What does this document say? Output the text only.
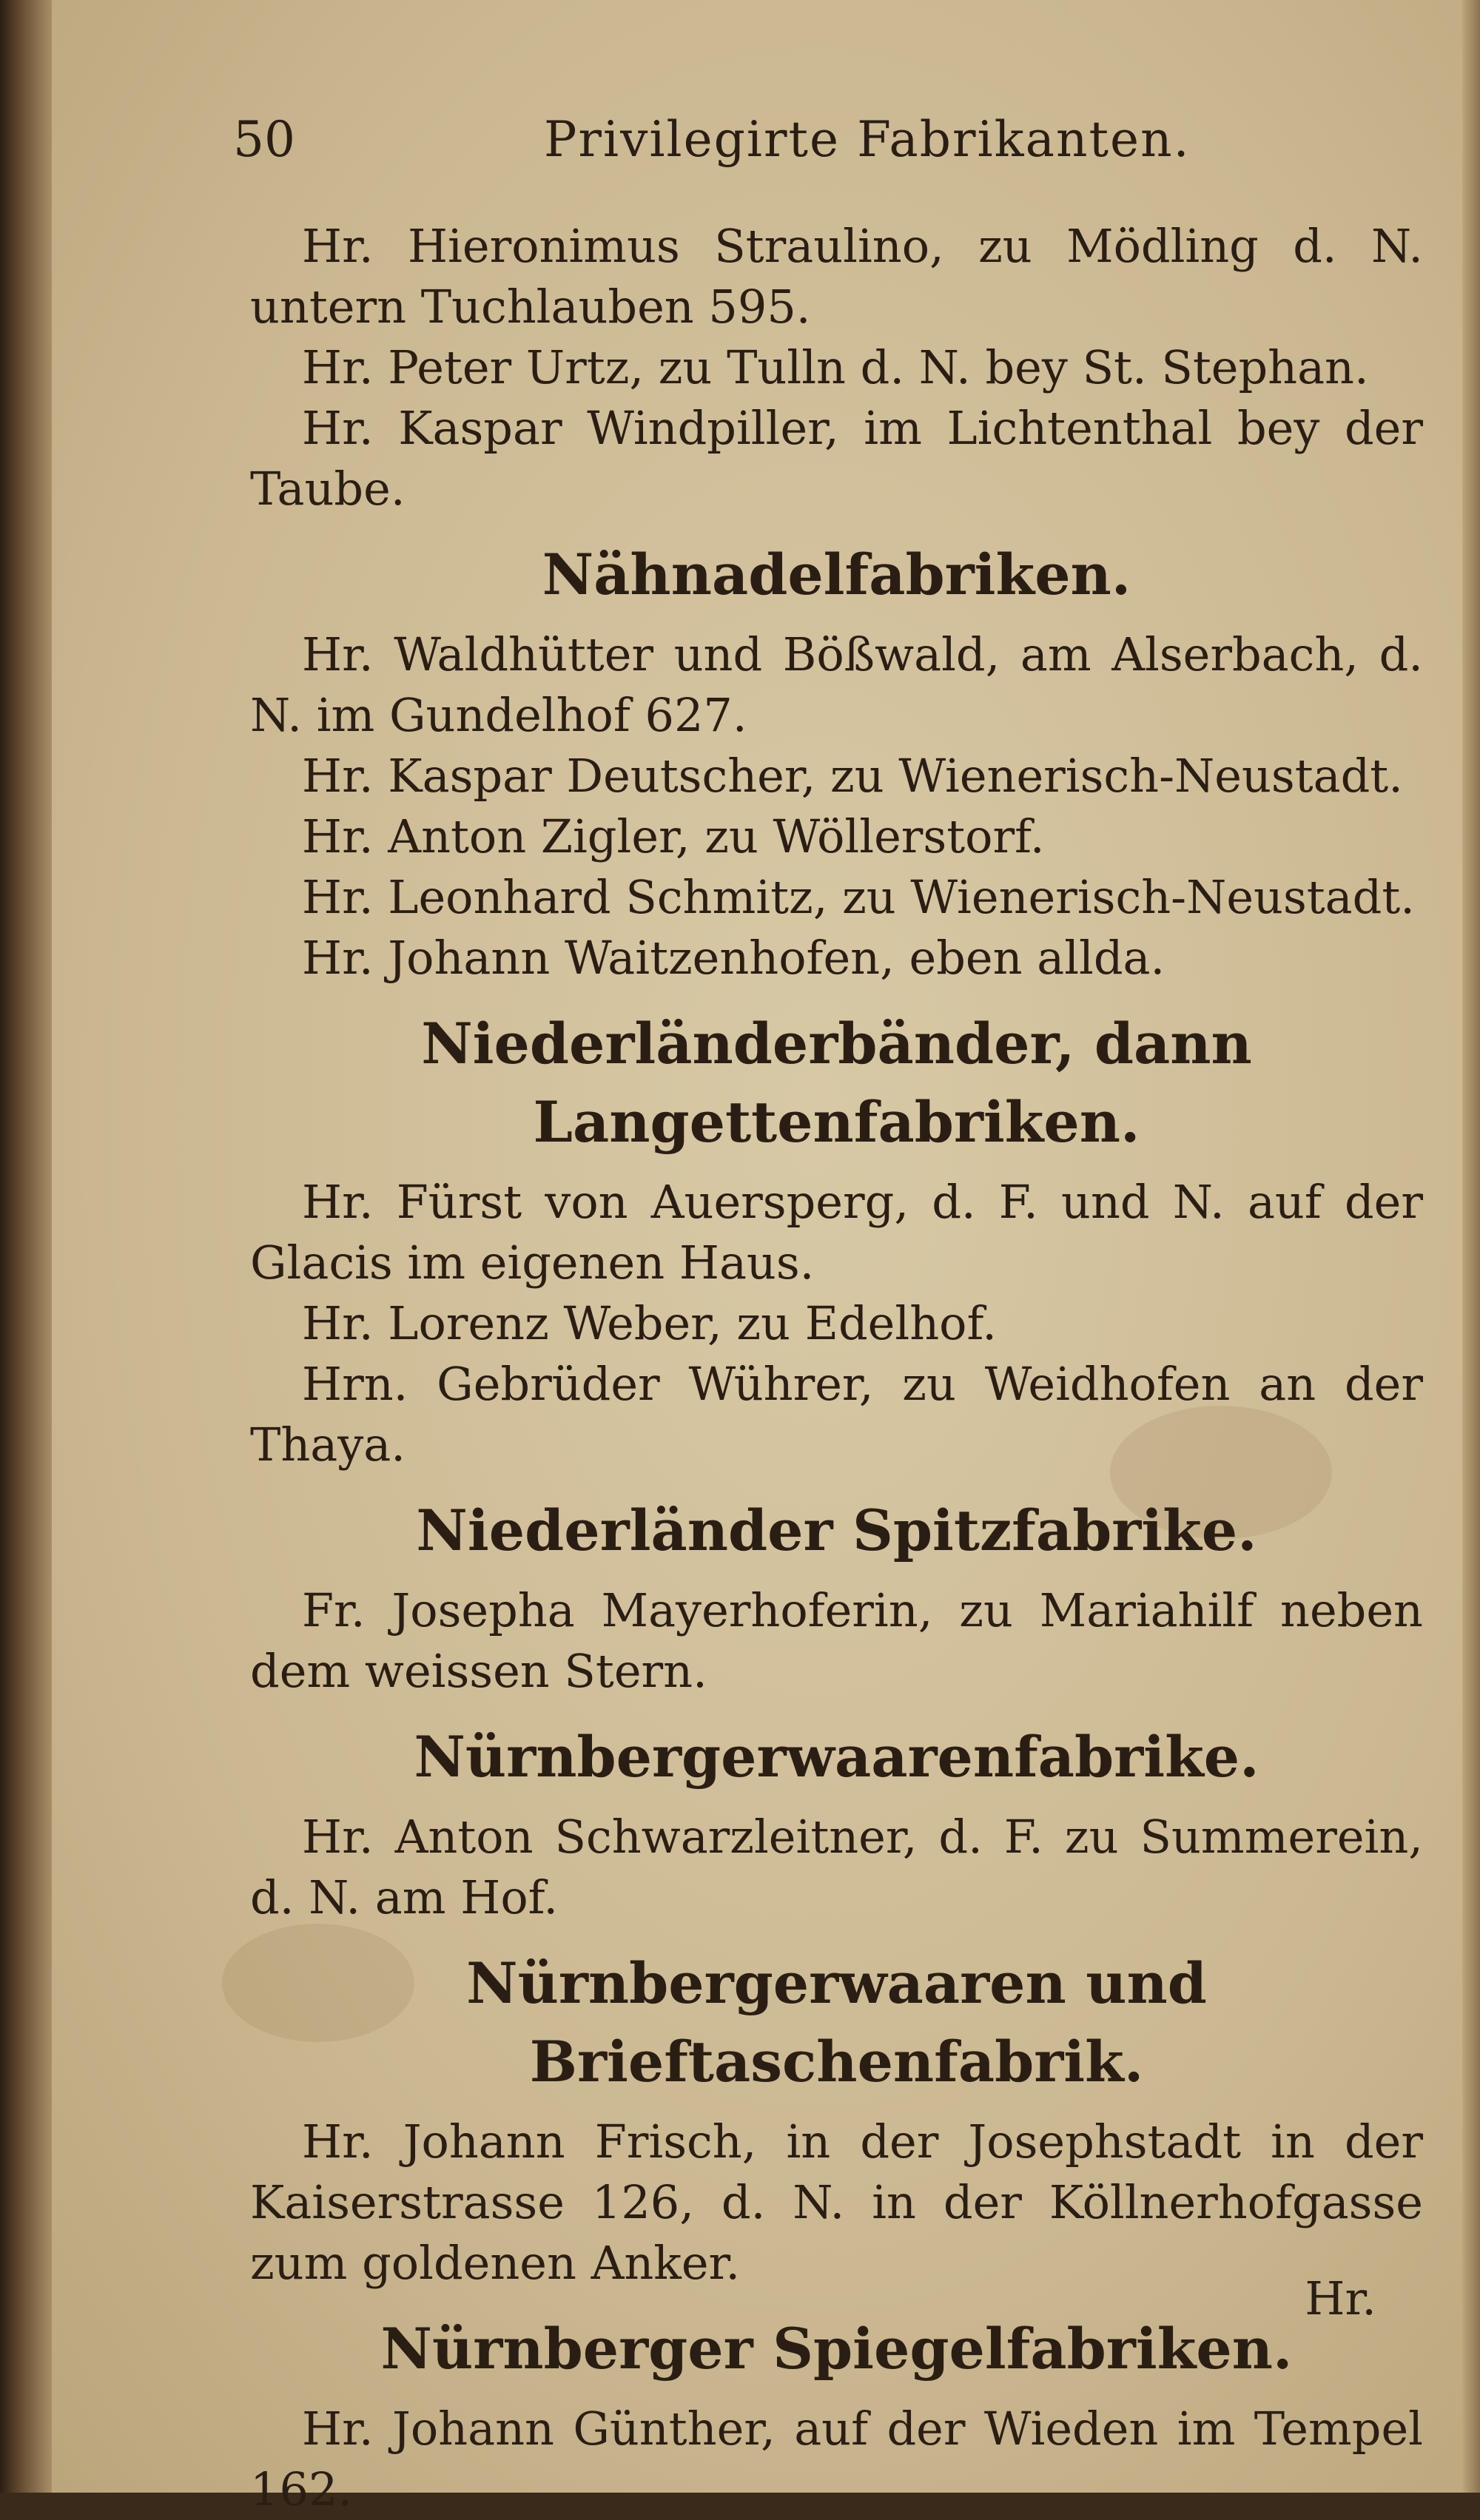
50	Privilegirte Fabrikanten.
Hr. Hieronimus Straulino, zu Mödling d. N. untern Tuchlauben 595.
Hr. Peter Urtz, zu Tulln d. N. bey St. Stephan.
Hr. Kaspar Windpiller, im Lichtenthal bey der Taube.
Nähnadelfabriken.
Hr. Waldhütter und Bößwald, am Alserbach, d. N. im Gundelhof 627.
Hr. Kaspar Deutscher, zu Wienerisch-Neustadt.
Hr. Anton Zigler, zu Wöllerstorf.
Hr. Leonhard Schmitz, zu Wienerisch-Neustadt.
Hr. Johann Waitzenhofen, eben allda.
Niederländerbänder, dann Langettenfabriken.
Hr. Fürst von Auersperg, d. F. und N. auf der Glacis im eigenen Haus.
Hr. Lorenz Weber, zu Edelhof.
Hrn. Gebrüder Wührer, zu Weidhofen an der Thaya.
Niederländer Spitzfabrike.
Fr. Josepha Mayerhoferin, zu Mariahilf neben dem weissen Stern.
Nürnbergerwaarenfabrike.
Hr. Anton Schwarzleitner, d. F. zu Summerein, d. N. am Hof.
Nürnbergerwaaren und Brieftaschenfabrik.
Hr. Johann Frisch, in der Josephstadt in der Kaiserstrasse 126, d. N. in der Köllnerhofgasse zum goldenen Anker.
Nürnberger Spiegelfabriken.
Hr. Johann Günther, auf der Wieden im Tempel 162.
Hr.
